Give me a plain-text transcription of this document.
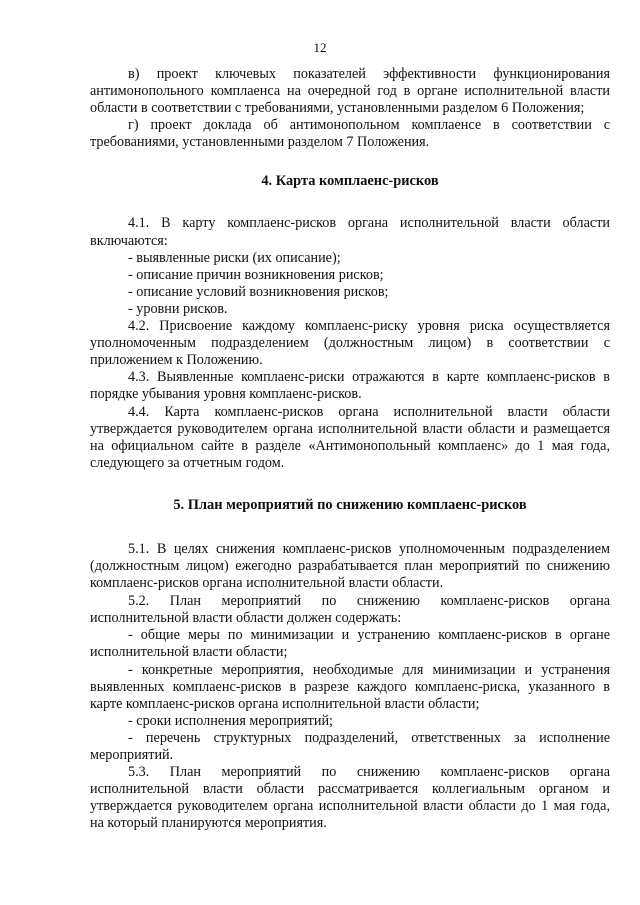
12

в) проект ключевых показателей эффективности функционирования антимонопольного комплаенса на очередной год в органе исполнительной власти области в соответствии с требованиями, установленными разделом 6 Положения;

г) проект доклада об антимонопольном комплаенсе в соответствии с требованиями, установленными разделом 7 Положения.

4. Карта комплаенс-рисков

4.1. В карту комплаенс-рисков органа исполнительной власти области включаются:

- выявленные риски (их описание);

- описание причин возникновения рисков;

- описание условий возникновения рисков;

- уровни рисков.

4.2. Присвоение каждому комплаенс-риску уровня риска осуществляется уполномоченным подразделением (должностным лицом) в соответствии с приложением к Положению.

4.3. Выявленные комплаенс-риски отражаются в карте комплаенс-рисков в порядке убывания уровня комплаенс-рисков.

4.4. Карта комплаенс-рисков органа исполнительной власти области утверждается руководителем органа исполнительной власти области и размещается на официальном сайте в разделе «Антимонопольный комплаенс» до 1 мая года, следующего за отчетным годом.

5. План мероприятий по снижению комплаенс-рисков

5.1. В целях снижения комплаенс-рисков уполномоченным подразделением (должностным лицом) ежегодно разрабатывается план мероприятий по снижению комплаенс-рисков органа исполнительной власти области.

5.2. План мероприятий по снижению комплаенс-рисков органа исполнительной власти области должен содержать:

- общие меры по минимизации и устранению комплаенс-рисков в органе исполнительной власти области;

- конкретные мероприятия, необходимые для минимизации и устранения выявленных комплаенс-рисков в разрезе каждого комплаенс-риска, указанного в карте комплаенс-рисков органа исполнительной власти области;

- сроки исполнения мероприятий;

- перечень структурных подразделений, ответственных за исполнение мероприятий.

5.3. План мероприятий по снижению комплаенс-рисков органа исполнительной власти области рассматривается коллегиальным органом и утверждается руководителем органа исполнительной власти области до 1 мая года, на который планируются мероприятия.
